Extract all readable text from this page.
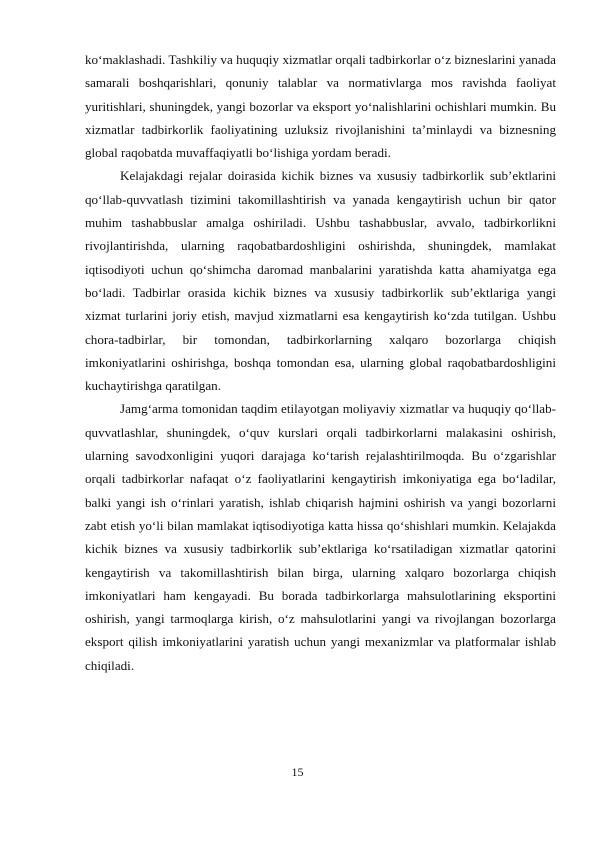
ko‘maklashadi. Tashkiliy va huquqiy xizmatlar orqali tadbirkorlar o‘z bizneslarini yanada samarali boshqarishlari, qonuniy talablar va normativlarga mos ravishda faoliyat yuritishlari, shuningdek, yangi bozorlar va eksport yo‘nalishlarini ochishlari mumkin. Bu xizmatlar tadbirkorlik faoliyatining uzluksiz rivojlanishini ta’minlaydi va biznesning global raqobatda muvaffaqiyatli bo‘lishiga yordam beradi.

Kelajakdagi rejalar doirasida kichik biznes va xususiy tadbirkorlik sub’ektlarini qo‘llab-quvvatlash tizimini takomillashtirish va yanada kengaytirish uchun bir qator muhim tashabbuslar amalga oshiriladi. Ushbu tashabbuslar, avvalo, tadbirkorlikni rivojlantirishda, ularning raqobatbardoshligini oshirishda, shuningdek, mamlakat iqtisodiyoti uchun qo‘shimcha daromad manbalarini yaratishda katta ahamiyatga ega bo‘ladi. Tadbirlar orasida kichik biznes va xususiy tadbirkorlik sub’ektlariga yangi xizmat turlarini joriy etish, mavjud xizmatlarni esa kengaytirish ko‘zda tutilgan. Ushbu chora-tadbirlar, bir tomondan, tadbirkorlarning xalqaro bozorlarga chiqish imkoniyatlarini oshirishga, boshqa tomondan esa, ularning global raqobatbardoshligini kuchaytirishga qaratilgan.

Jamg‘arma tomonidan taqdim etilayotgan moliyaviy xizmatlar va huquqiy qo‘llab-quvvatlashlar, shuningdek, o‘quv kurslari orqali tadbirkorlarni malakasini oshirish, ularning savodxonligini yuqori darajaga ko‘tarish rejalashtirilmoqda. Bu o‘zgarishlar orqali tadbirkorlar nafaqat o‘z faoliyatlarini kengaytirish imkoniyatiga ega bo‘ladilar, balki yangi ish o‘rinlari yaratish, ishlab chiqarish hajmini oshirish va yangi bozorlarni zabt etish yo‘li bilan mamlakat iqtisodiyotiga katta hissa qo‘shishlari mumkin. Kelajakda kichik biznes va xususiy tadbirkorlik sub’ektlariga ko‘rsatiladigan xizmatlar qatorini kengaytirish va takomillashtirish bilan birga, ularning xalqaro bozorlarga chiqish imkoniyatlari ham kengayadi. Bu borada tadbirkorlarga mahsulotlarining eksportini oshirish, yangi tarmoqlarga kirish, o‘z mahsulotlarini yangi va rivojlangan bozorlarga eksport qilish imkoniyatlarini yaratish uchun yangi mexanizmlar va platformalar ishlab chiqiladi.

15
